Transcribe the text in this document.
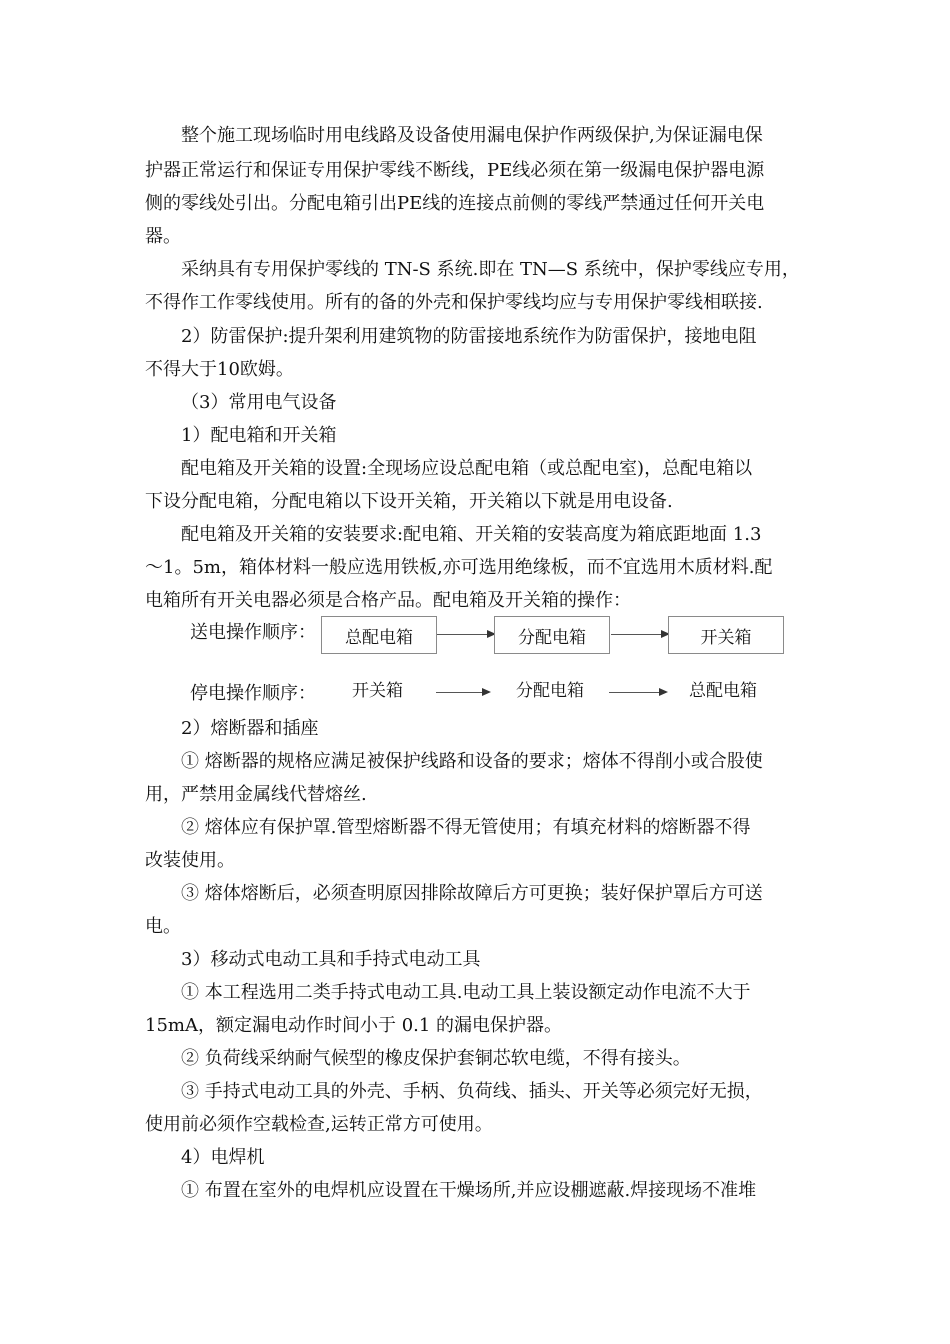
整个施工现场临时用电线路及设备使用漏电保护作两级保护,为保证漏电保
护器正常运行和保证专用保护零线不断线，PE线必须在第一级漏电保护器电源
侧的零线处引出。分配电箱引出PE线的连接点前侧的零线严禁通过任何开关电
器。
采纳具有专用保护零线的 TN-S 系统.即在 TN—S 系统中，保护零线应专用，
不得作工作零线使用。所有的备的外壳和保护零线均应与专用保护零线相联接.
2）防雷保护:提升架利用建筑物的防雷接地系统作为防雷保护，接地电阻
不得大于10欧姆。
（3）常用电气设备
1）配电箱和开关箱
配电箱及开关箱的设置:全现场应设总配电箱（或总配电室)，总配电箱以
下设分配电箱，分配电箱以下设开关箱，开关箱以下就是用电设备.
配电箱及开关箱的安装要求:配电箱、开关箱的安装高度为箱底距地面 1.3
～1。5m，箱体材料一般应选用铁板,亦可选用绝缘板，而不宜选用木质材料.配
电箱所有开关电器必须是合格产品。配电箱及开关箱的操作：
送电操作顺序：	总配电箱	分配电箱	开关箱
停电操作顺序： 开关箱	分配电箱	总配电箱
2）熔断器和插座
① 熔断器的规格应满足被保护线路和设备的要求；熔体不得削小或合股使
用，严禁用金属线代替熔丝.
② 熔体应有保护罩.管型熔断器不得无管使用；有填充材料的熔断器不得
改装使用。
③ 熔体熔断后，必须查明原因排除故障后方可更换；装好保护罩后方可送
电。
3）移动式电动工具和手持式电动工具
① 本工程选用二类手持式电动工具.电动工具上装设额定动作电流不大于
15mA，额定漏电动作时间小于 0.1 的漏电保护器。
② 负荷线采纳耐气候型的橡皮保护套铜芯软电缆，不得有接头。
③ 手持式电动工具的外壳、手柄、负荷线、插头、开关等必须完好无损，
使用前必须作空载检查,运转正常方可使用。
4）电焊机
① 布置在室外的电焊机应设置在干燥场所,并应设棚遮蔽.焊接现场不准堆
